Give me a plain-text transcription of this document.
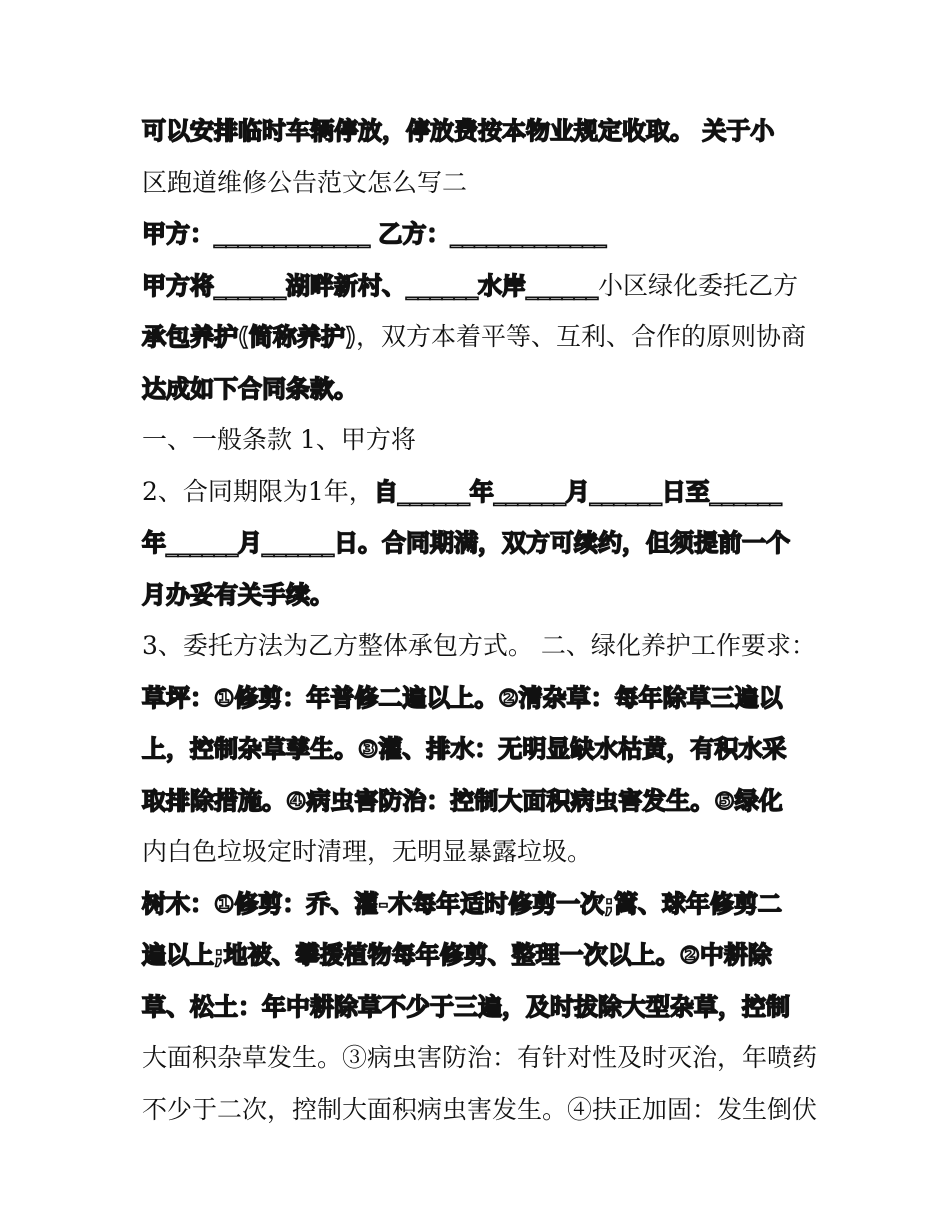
可以安排临时车辆停放，停放费按本物业规定收取。 关于小
区跑道维修公告范文怎么写二
甲方：_____________ 乙方：_____________
甲方将______湖畔新村、______水岸______小区绿化委托乙方
承包养护(简称养护)，双方本着平等、互利、合作的原则协商
达成如下合同条款。
一、一般条款 1、甲方将
2、合同期限为1年，自______年______月______日至______
年______月______日。合同期满，双方可续约，但须提前一个
月办妥有关手续。
3、委托方法为乙方整体承包方式。 二、绿化养护工作要求：
草坪：①修剪：年普修二遍以上。②清杂草：每年除草三遍以
上，控制杂草孳生。③灌、排水：无明显缺水枯黄，有积水采
取排除措施。④病虫害防治：控制大面积病虫害发生。⑤绿化
内白色垃圾定时清理，无明显暴露垃圾。
树木：①修剪：乔、灌-木每年适时修剪一次;篱、球年修剪二
遍以上;地被、攀援植物每年修剪、整理一次以上。②中耕除
草、松土：年中耕除草不少于三遍，及时拔除大型杂草，控制
大面积杂草发生。③病虫害防治：有针对性及时灭治，年喷药
不少于二次，控制大面积病虫害发生。④扶正加固：发生倒伏
